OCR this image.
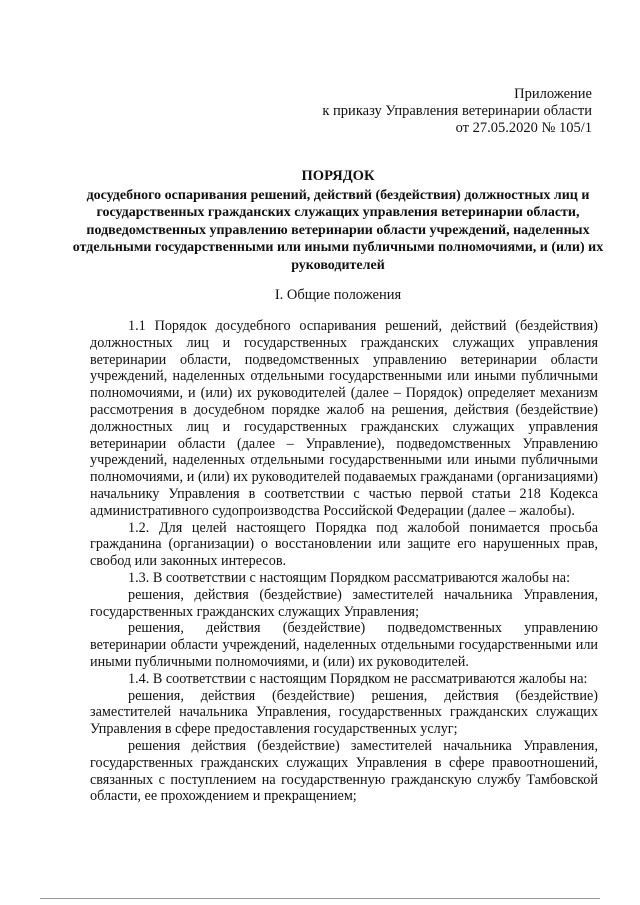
Приложение
к приказу Управления ветеринарии области
от 27.05.2020 № 105/1
ПОРЯДОК
досудебного оспаривания решений, действий (бездействия) должностных лиц и государственных гражданских служащих управления ветеринарии области, подведомственных управлению ветеринарии области учреждений, наделенных отдельными государственными или иными публичными полномочиями, и (или) их руководителей
I. Общие положения

1.1 Порядок досудебного оспаривания решений, действий (бездействия) должностных лиц и государственных гражданских служащих управления ветеринарии области, подведомственных управлению ветеринарии области учреждений, наделенных отдельными государственными или иными публичными полномочиями, и (или) их руководителей (далее – Порядок) определяет механизм рассмотрения в досудебном порядке жалоб на решения, действия (бездействие) должностных лиц и государственных гражданских служащих управления ветеринарии области (далее – Управление), подведомственных Управлению учреждений, наделенных отдельными государственными или иными публичными полномочиями, и (или) их руководителей подаваемых гражданами (организациями) начальнику Управления в соответствии с частью первой статьи 218 Кодекса административного судопроизводства Российской Федерации (далее – жалобы).

1.2. Для целей настоящего Порядка под жалобой понимается просьба гражданина (организации) о восстановлении или защите его нарушенных прав, свобод или законных интересов.

1.3. В соответствии с настоящим Порядком рассматриваются жалобы на:

решения, действия (бездействие) заместителей начальника Управления, государственных гражданских служащих Управления;

решения, действия (бездействие) подведомственных управлению ветеринарии области учреждений, наделенных отдельными государственными или иными публичными полномочиями, и (или) их руководителей.

1.4. В соответствии с настоящим Порядком не рассматриваются жалобы на:

решения, действия (бездействие) решения, действия (бездействие) заместителей начальника Управления, государственных гражданских служащих Управления в сфере предоставления государственных услуг;

решения действия (бездействие) заместителей начальника Управления, государственных гражданских служащих Управления в сфере правоотношений, связанных с поступлением на государственную гражданскую службу Тамбовской области, ее прохождением и прекращением;
